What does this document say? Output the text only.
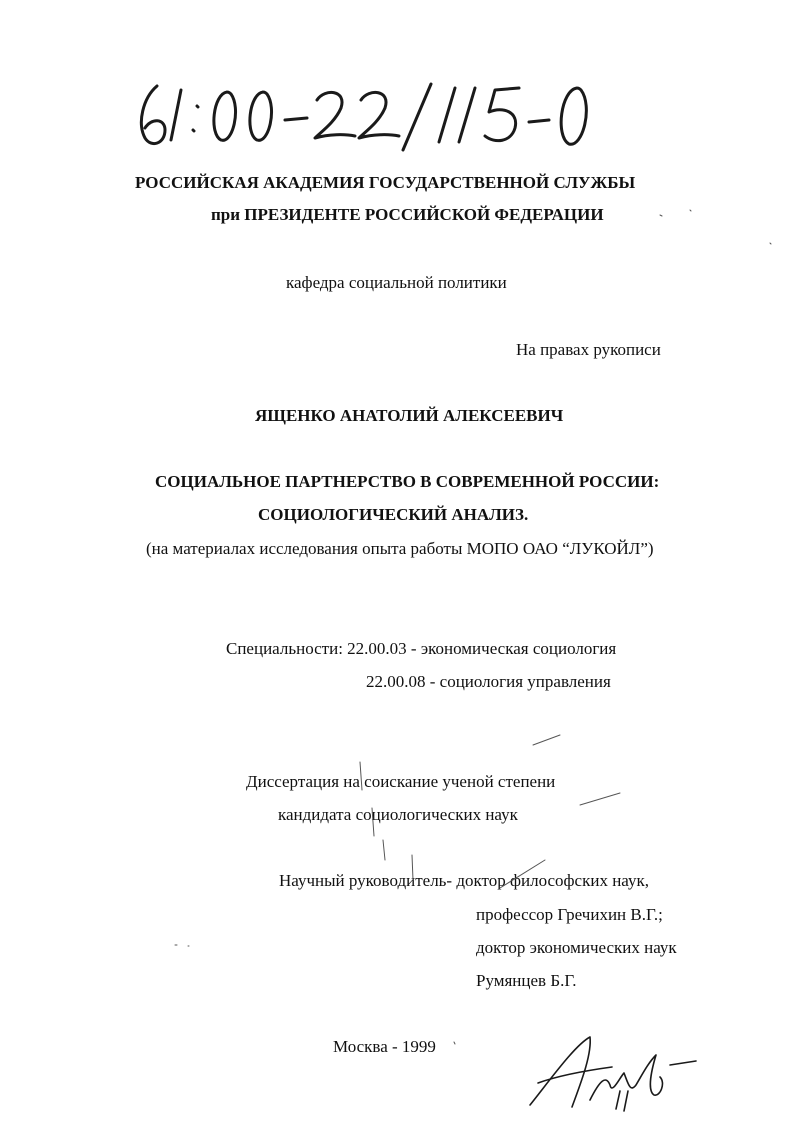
РОССИЙСКАЯ АКАДЕМИЯ ГОСУДАРСТВЕННОЙ СЛУЖБЫ
при ПРЕЗИДЕНТЕ РОССИЙСКОЙ ФЕДЕРАЦИИ
кафедра социальной политики
На правах рукописи
ЯЩЕНКО АНАТОЛИЙ АЛЕКСЕЕВИЧ
СОЦИАЛЬНОЕ ПАРТНЕРСТВО В СОВРЕМЕННОЙ РОССИИ:
СОЦИОЛОГИЧЕСКИЙ АНАЛИЗ.
(на материалах исследования опыта работы МОПО ОАО “ЛУКОЙЛ”)
Специальности: 22.00.03 - экономическая социология
22.00.08 - социология управления
Диссертация на соискание ученой степени
кандидата социологических наук
Научный руководитель- доктор философских наук,
профессор Гречихин В.Г.;
доктор экономических наук
Румянцев Б.Г.
Москва - 1999
